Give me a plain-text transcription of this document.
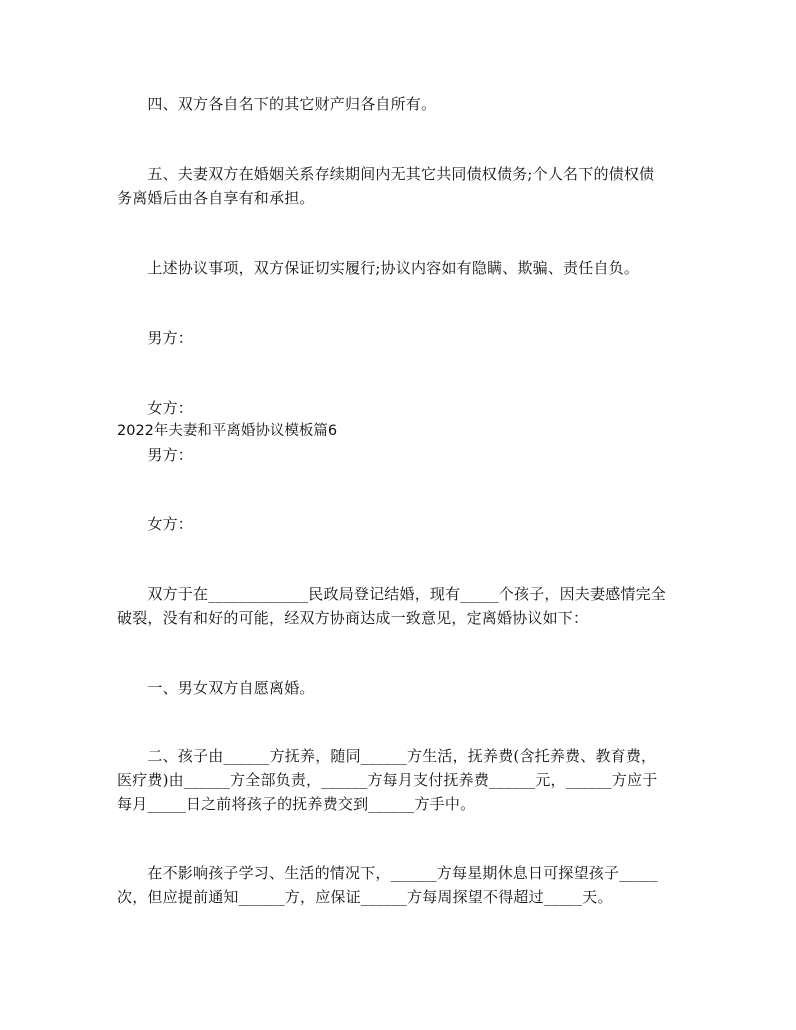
　　四、双方各自名下的其它财产归各自所有。
　　五、夫妻双方在婚姻关系存续期间内无其它共同债权债务;个人名下的债权债
务离婚后由各自享有和承担。
　　上述协议事项，双方保证切实履行;协议内容如有隐瞒、欺骗、责任自负。
　　男方：
　　女方：
2022年夫妻和平离婚协议模板篇6
　　男方：
　　女方：
　　双方于在_____________民政局登记结婚，现有_____个孩子，因夫妻感情完全
破裂，没有和好的可能，经双方协商达成一致意见，定离婚协议如下：
　　一、男女双方自愿离婚。
　　二、孩子由______方抚养，随同______方生活，抚养费(含托养费、教育费，
医疗费)由______方全部负责，______方每月支付抚养费______元，______方应于
每月_____日之前将孩子的抚养费交到______方手中。
　　在不影响孩子学习、生活的情况下，______方每星期休息日可探望孩子_____
次，但应提前通知______方，应保证______方每周探望不得超过_____天。
